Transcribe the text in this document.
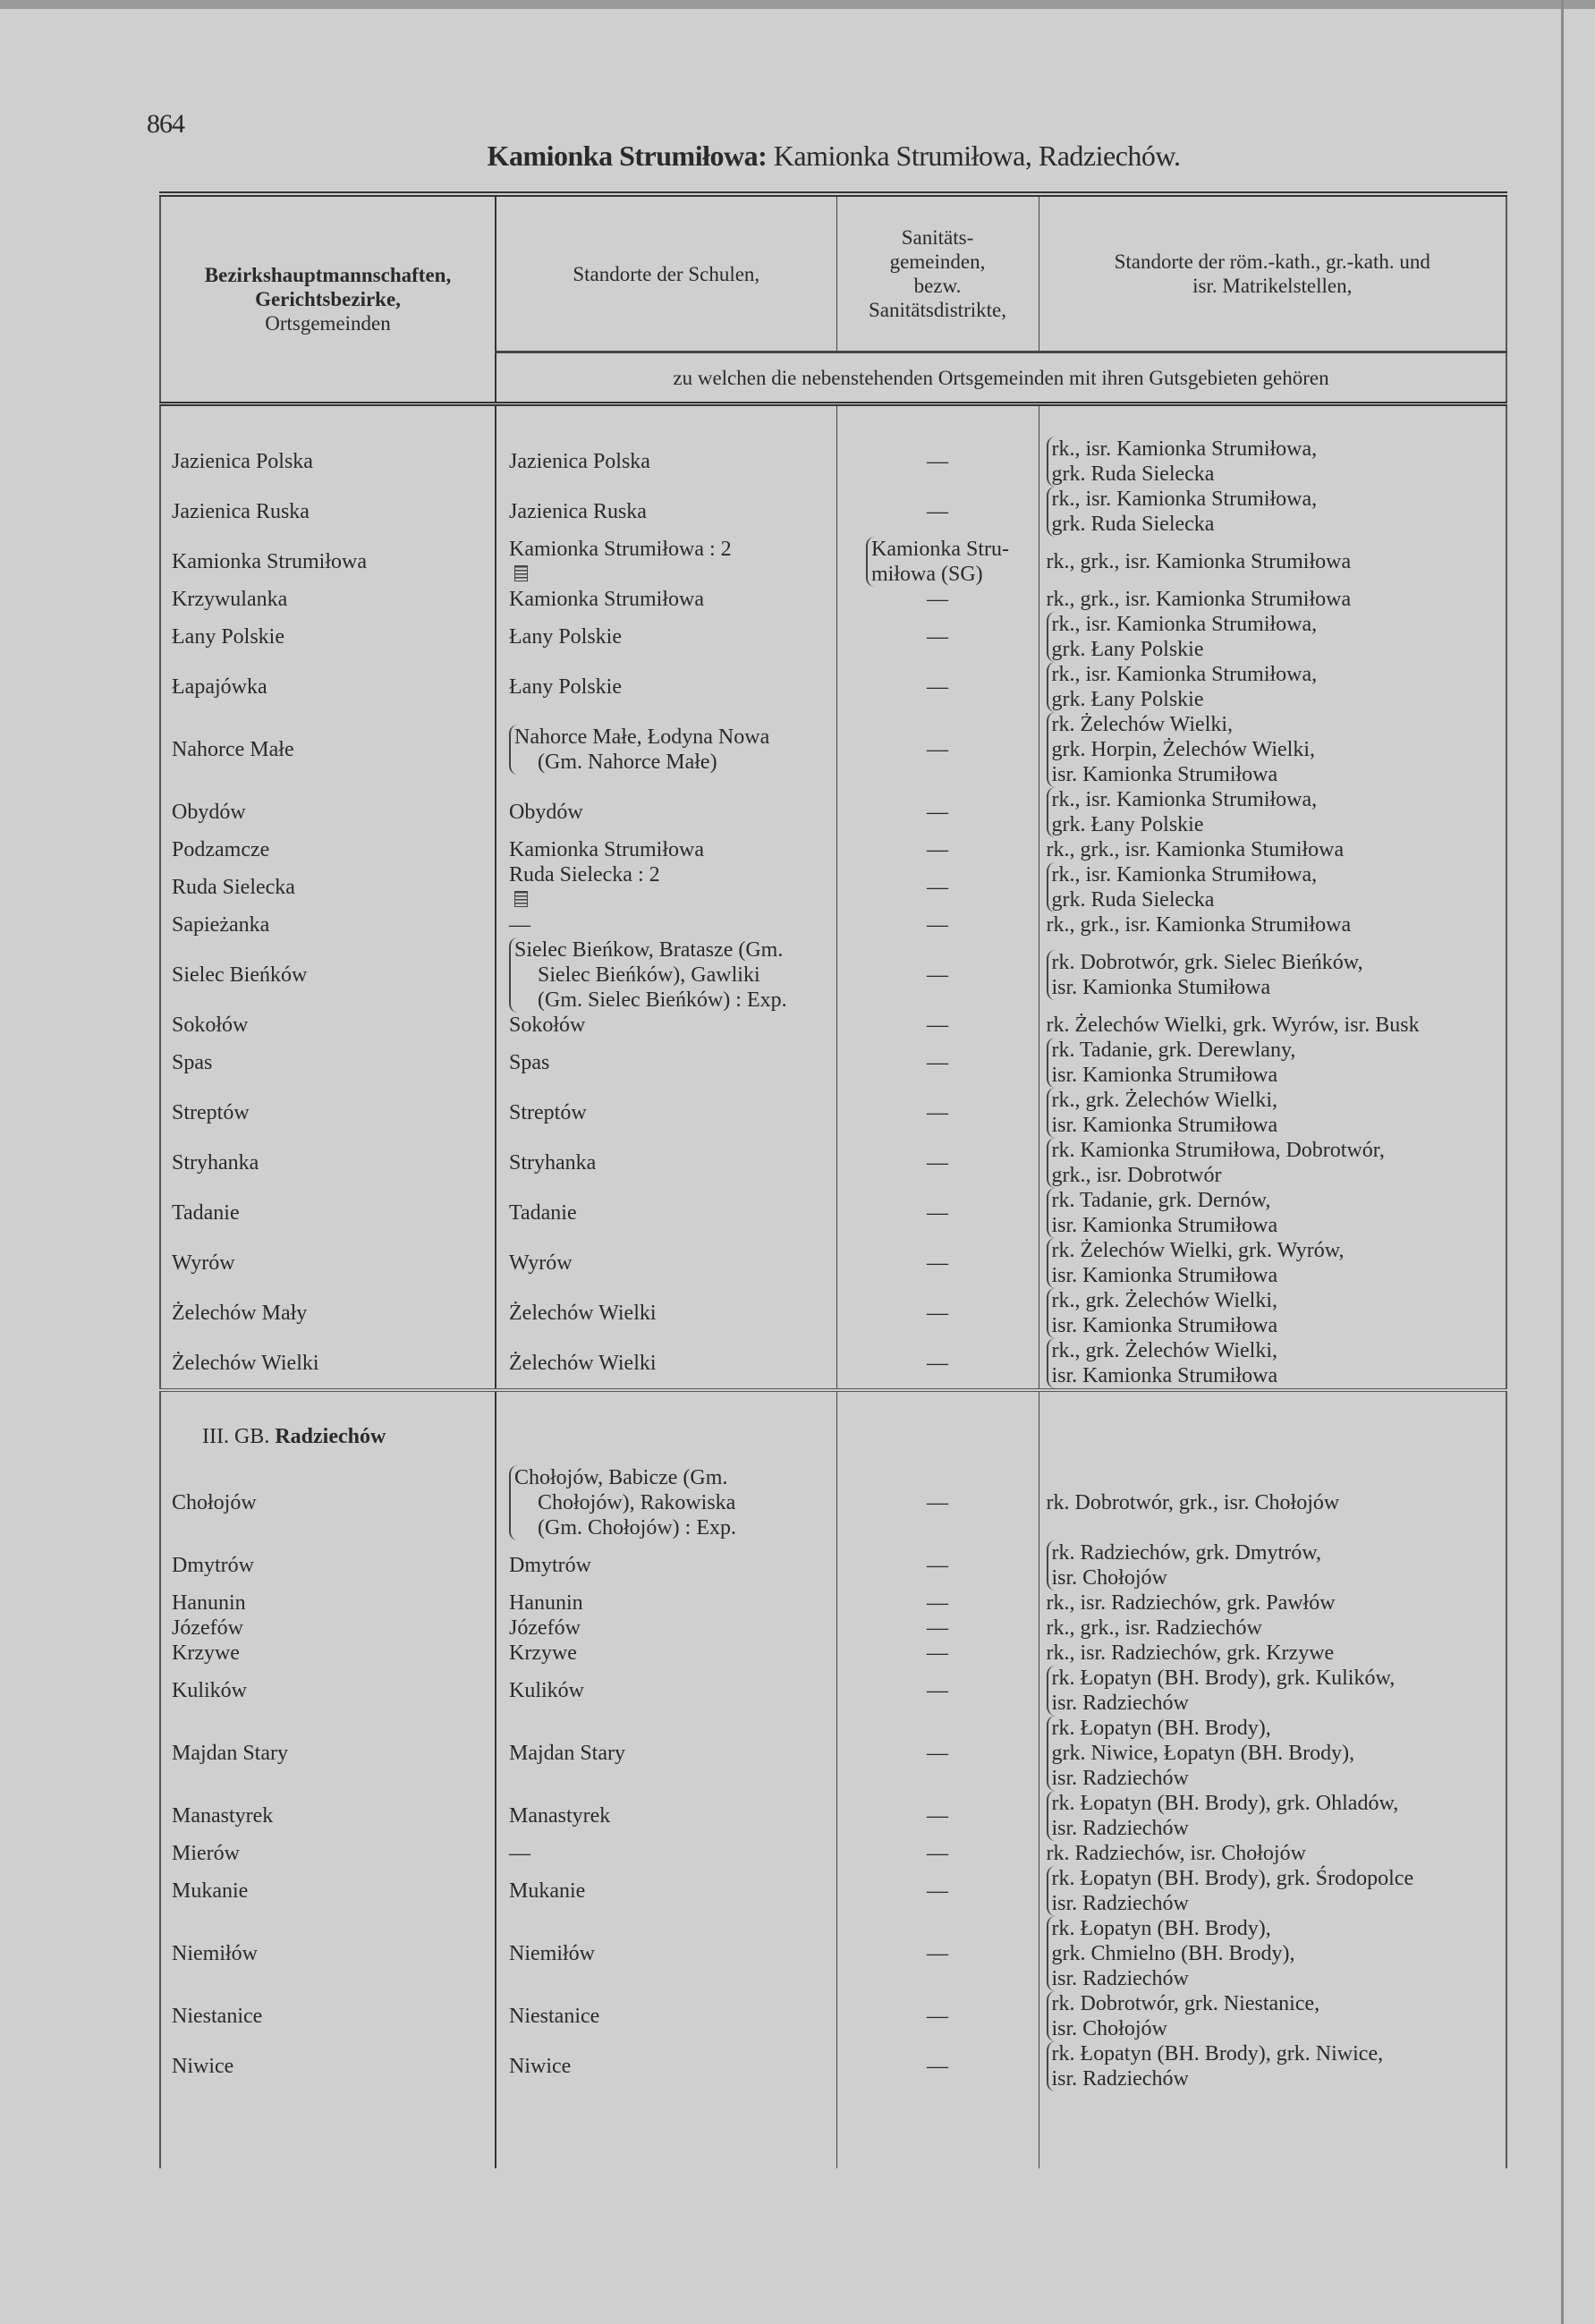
864
Kamionka Strumiłowa: Kamionka Strumiłowa, Radziechów.
Bezirkshauptmannschaften,
Gerichtsbezirke,
Ortsgemeinden	Standorte der Schulen,	Sanitäts-
gemeinden,
bezw.
Sanitätsdistrikte,	Standorte der röm.-kath., gr.-kath. und
isr. Matrikelstellen,

	zu welchen die nebenstehenden Ortsgemeinden mit ihren Gutsgebieten gehören		

Jazienica Polska	Jazienica Polska	—	rk., isr. Kamionka Strumiłowa,
grk. Ruda Sielecka

Jazienica Ruska	Jazienica Ruska	—	rk., isr. Kamionka Strumiłowa,
grk. Ruda Sielecka

Kamionka Strumiłowa	Kamionka Strumiłowa : 2	Kamionka Stru-
miłowa (SG)	rk., grk., isr. Kamionka Strumiłowa

Krzywulanka	Kamionka Strumiłowa	—	rk., grk., isr. Kamionka Strumiłowa

Łany Polskie	Łany Polskie	—	rk., isr. Kamionka Strumiłowa,
grk. Łany Polskie

Łapajówka	Łany Polskie	—	rk., isr. Kamionka Strumiłowa,
grk. Łany Polskie

Nahorce Małe	Nahorce Małe, Łodyna Nowa
(Gm. Nahorce Małe)	—	rk. Żelechów Wielki,
grk. Horpin, Żelechów Wielki,
isr. Kamionka Strumiłowa

Obydów	Obydów	—	rk., isr. Kamionka Strumiłowa,
grk. Łany Polskie

Podzamcze	Kamionka Strumiłowa	—	rk., grk., isr. Kamionka Stumiłowa

Ruda Sielecka	Ruda Sielecka : 2	—	rk., isr. Kamionka Strumiłowa,
grk. Ruda Sielecka

Sapieżanka	—	—	rk., grk., isr. Kamionka Strumiłowa

Sielec Bieńków	Sielec Bieńkow, Bratasze (Gm.
Sielec Bieńków), Gawliki
(Gm. Sielec Bieńków) : Exp.	—	rk. Dobrotwór, grk. Sielec Bieńków,
isr. Kamionka Stumiłowa

Sokołów	Sokołów	—	rk. Żelechów Wielki, grk. Wyrów, isr. Busk

Spas	Spas	—	rk. Tadanie, grk. Derewlany,
isr. Kamionka Strumiłowa

Streptów	Streptów	—	rk., grk. Żelechów Wielki,
isr. Kamionka Strumiłowa

Stryhanka	Stryhanka	—	rk. Kamionka Strumiłowa, Dobrotwór,
grk., isr. Dobrotwór

Tadanie	Tadanie	—	rk. Tadanie, grk. Dernów,
isr. Kamionka Strumiłowa

Wyrów	Wyrów	—	rk. Żelechów Wielki, grk. Wyrów,
isr. Kamionka Strumiłowa

Żelechów Mały	Żelechów Wielki	—	rk., grk. Żelechów Wielki,
isr. Kamionka Strumiłowa

Żelechów Wielki	Żelechów Wielki	—	rk., grk. Żelechów Wielki,
isr. Kamionka Strumiłowa

III. GB. Radziechów			
Chołojów	Chołojów, Babicze (Gm.
Chołojów), Rakowiska
(Gm. Chołojów) : Exp.	—	rk. Dobrotwór, grk., isr. Chołojów

Dmytrów	Dmytrów	—	rk. Radziechów, grk. Dmytrów,
isr. Chołojów

Hanunin	Hanunin	—	rk., isr. Radziechów, grk. Pawłów

Józefów	Józefów	—	rk., grk., isr. Radziechów

Krzywe	Krzywe	—	rk., isr. Radziechów, grk. Krzywe

Kulików	Kulików	—	rk. Łopatyn (BH. Brody), grk. Kulików,
isr. Radziechów

Majdan Stary	Majdan Stary	—	rk. Łopatyn (BH. Brody),
grk. Niwice, Łopatyn (BH. Brody),
isr. Radziechów

Manastyrek	Manastyrek	—	rk. Łopatyn (BH. Brody), grk. Ohladów,
isr. Radziechów

Mierów	—	—	rk. Radziechów, isr. Chołojów

Mukanie	Mukanie	—	rk. Łopatyn (BH. Brody), grk. Środopolce
isr. Radziechów

Niemiłów	Niemiłów	—	rk. Łopatyn (BH. Brody),
grk. Chmielno (BH. Brody),
isr. Radziechów

Niestanice	Niestanice	—	rk. Dobrotwór, grk. Niestanice,
isr. Chołojów

Niwice	Niwice	—	rk. Łopatyn (BH. Brody), grk. Niwice,
isr. Radziechów
